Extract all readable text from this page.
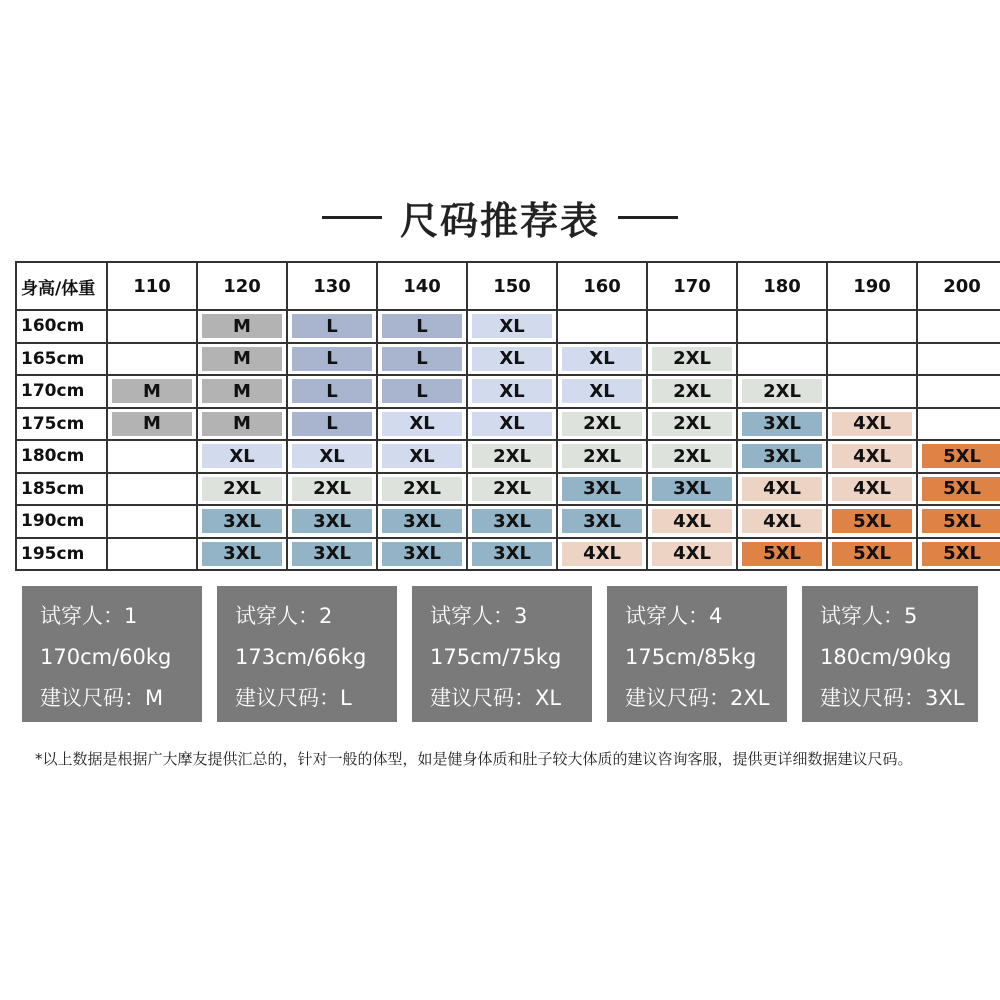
尺码推荐表
身高/体重	110	120	130	140	150	160	170	180	190	200
160cm		M	L	L	XL					

165cm		M	L	L	XL	XL	2XL			

170cm	M	M	L	L	XL	XL	2XL	2XL		

175cm	M	M	L	XL	XL	2XL	2XL	3XL	4XL	

180cm		XL	XL	XL	2XL	2XL	2XL	3XL	4XL	5XL

185cm		2XL	2XL	2XL	2XL	3XL	3XL	4XL	4XL	5XL

190cm		3XL	3XL	3XL	3XL	3XL	4XL	4XL	5XL	5XL

195cm		3XL	3XL	3XL	3XL	4XL	4XL	5XL	5XL	5XL
试穿人：1
170cm/60kg
建议尺码：M
试穿人：2
173cm/66kg
建议尺码：L
试穿人：3
175cm/75kg
建议尺码：XL
试穿人：4
175cm/85kg
建议尺码：2XL
试穿人：5
180cm/90kg
建议尺码：3XL
*以上数据是根据广大摩友提供汇总的，针对一般的体型，如是健身体质和肚子较大体质的建议咨询客服，提供更详细数据建议尺码。
